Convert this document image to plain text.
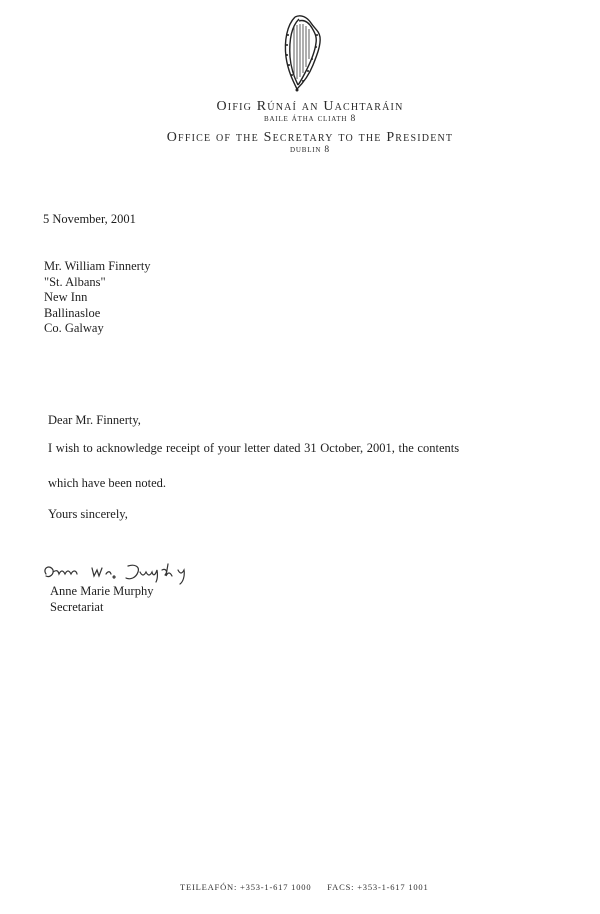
Oifig Rúnaí an Uachtaráin
baile átha cliath 8
Office of the Secretary to the President
dublin 8
5 November, 2001
Mr. William Finnerty
"St. Albans"
New Inn
Ballinasloe
Co. Galway
Dear Mr. Finnerty,
I wish to acknowledge receipt of your letter dated 31 October, 2001, the contents
which have been noted.
Yours sincerely,
Anne Marie Murphy
Secretariat
TEILEAFÓN: +353-1-617 1000 FACS: +353-1-617 1001
